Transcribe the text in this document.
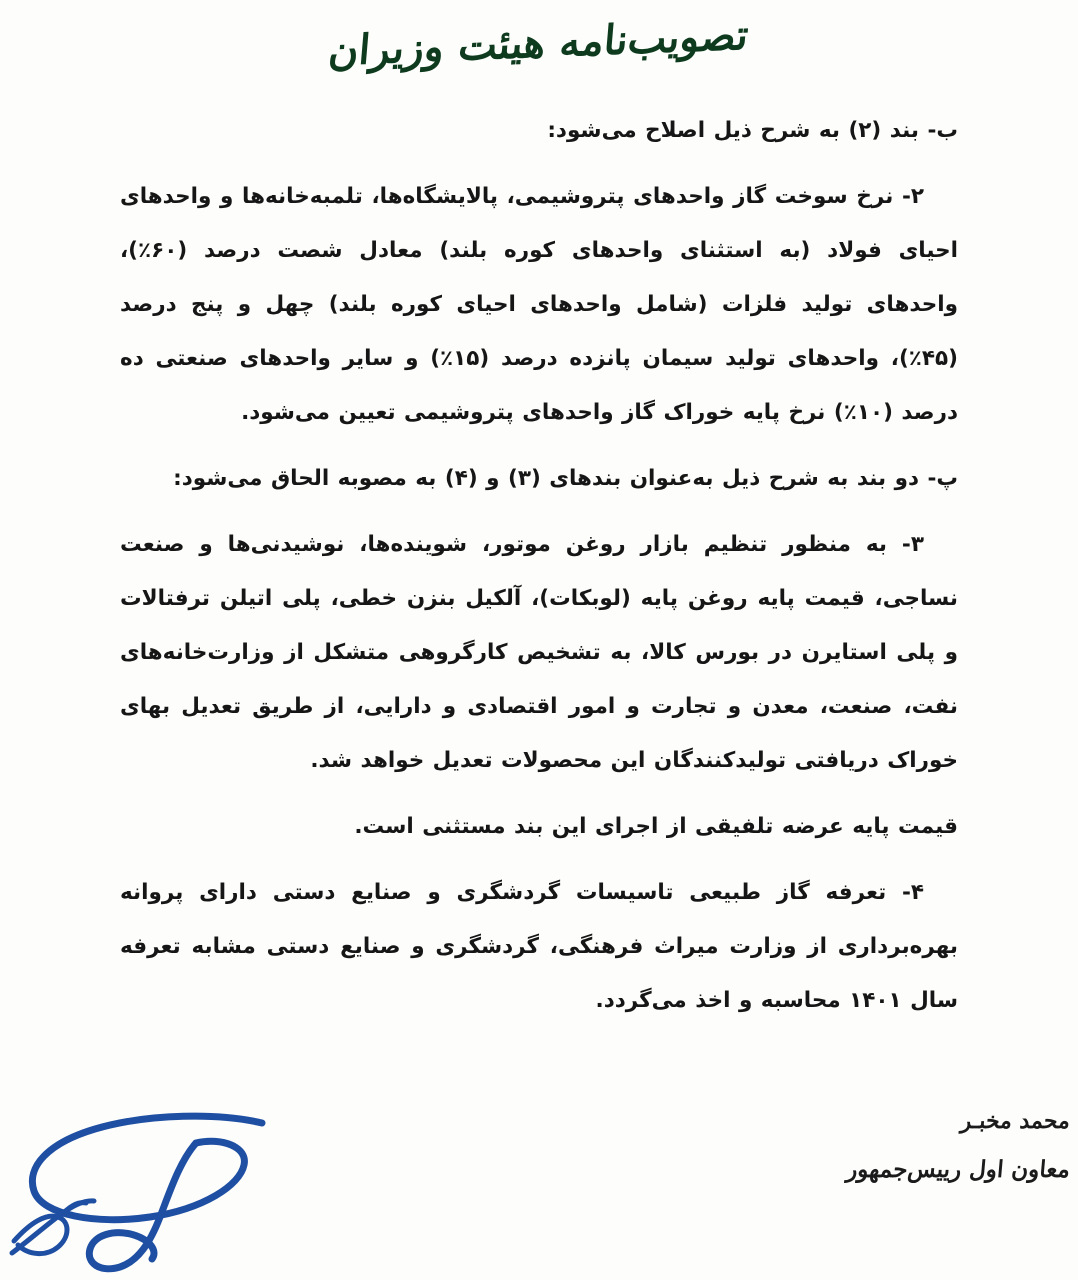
تصویب‌نامه هیئت وزیران

ب- بند (۲) به شرح ذیل اصلاح می‌شود:

۲- نرخ سوخت گاز واحدهای پتروشیمی، پالایشگاه‌ها، تلمبه‌خانه‌ها و واحدهای احیای فولاد (به استثنای واحدهای کوره بلند) معادل شصت درصد (۶۰٪)، واحدهای تولید فلزات (شامل واحدهای احیای کوره بلند) چهل و پنج درصد (۴۵٪)، واحدهای تولید سیمان پانزده درصد (۱۵٪) و سایر واحدهای صنعتی ده درصد (۱۰٪) نرخ پایه خوراک گاز واحدهای پتروشیمی تعیین می‌شود.

پ- دو بند به شرح ذیل به‌عنوان بندهای (۳) و (۴) به مصوبه الحاق می‌شود:

۳- به منظور تنظیم بازار روغن موتور، شوینده‌ها، نوشیدنی‌ها و صنعت نساجی، قیمت پایه روغن پایه (لوبکات)، آلکیل بنزن خطی، پلی اتیلن ترفتالات و پلی استایرن در بورس کالا، به تشخیص کارگروهی متشکل از وزارت‌خانه‌های نفت، صنعت، معدن و تجارت و امور اقتصادی و دارایی، از طریق تعدیل بهای خوراک دریافتی تولیدکنندگان این محصولات تعدیل خواهد شد.

قیمت پایه عرضه تلفیقی از اجرای این بند مستثنی است.

۴- تعرفه گاز طبیعی تاسیسات گردشگری و صنایع دستی دارای پروانه بهره‌برداری از وزارت میراث فرهنگی، گردشگری و صنایع دستی مشابه تعرفه سال ۱۴۰۱ محاسبه و اخذ می‌گردد.

محمد مخبـر
معاون اول رییس‌جمهور
